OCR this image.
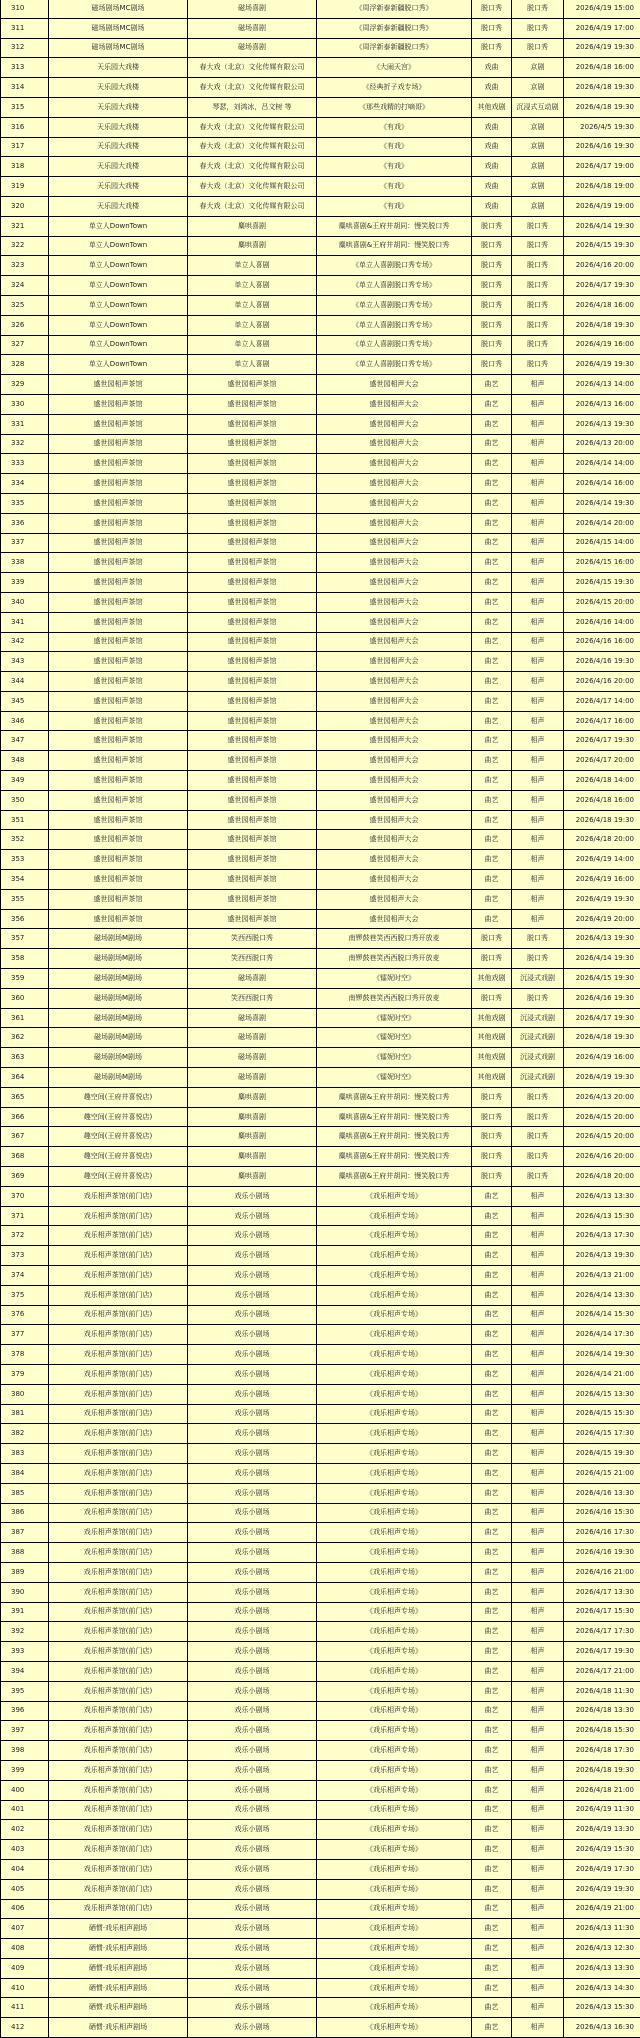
310	磁场剧场MC剧场	磁场喜剧	《周浮新泰新疆脱口秀》	脱口秀	脱口秀	2026/4/19 15:00
311	磁场剧场MC剧场	磁场喜剧	《周浮新泰新疆脱口秀》	脱口秀	脱口秀	2026/4/19 17:00
312	磁场剧场MC剧场	磁场喜剧	《周浮新泰新疆脱口秀》	脱口秀	脱口秀	2026/4/19 19:30
313	天乐园大戏楼	春大戏（北京）文化传媒有限公司	《大闹天宫》	戏曲	京剧	2026/4/18 16:00
314	天乐园大戏楼	春大戏（北京）文化传媒有限公司	《经典折子戏专场》	戏曲	京剧	2026/4/18 19:30
315	天乐园大戏楼	琴瑟，刘鸿冰，吕文树 等	《那些戏精的打嘀哥》	其他戏剧	沉浸式互动剧	2026/4/18 19:30
316	天乐园大戏楼	春大戏（北京）文化传媒有限公司	《有戏》	戏曲	京剧	2026/4/5 19:30
317	天乐园大戏楼	春大戏（北京）文化传媒有限公司	《有戏》	戏曲	京剧	2026/4/16 19:30
318	天乐园大戏楼	春大戏（北京）文化传媒有限公司	《有戏》	戏曲	京剧	2026/4/17 19:00
319	天乐园大戏楼	春大戏（北京）文化传媒有限公司	《有戏》	戏曲	京剧	2026/4/18 19:00
320	天乐园大戏楼	春大戏（北京）文化传媒有限公司	《有戏》	戏曲	京剧	2026/4/19 19:00
321	单立人DownTown	麋哄喜剧	麋哄喜剧&王府井胡同：慢笑脱口秀	脱口秀	脱口秀	2026/4/14 19:30
322	单立人DownTown	麋哄喜剧	麋哄喜剧&王府井胡同：慢笑脱口秀	脱口秀	脱口秀	2026/4/15 19:30
323	单立人DownTown	单立人喜剧	《单立人喜剧脱口秀专场》	脱口秀	脱口秀	2026/4/16 20:00
324	单立人DownTown	单立人喜剧	《单立人喜剧脱口秀专场》	脱口秀	脱口秀	2026/4/17 19:30
325	单立人DownTown	单立人喜剧	《单立人喜剧脱口秀专场》	脱口秀	脱口秀	2026/4/18 16:00
326	单立人DownTown	单立人喜剧	《单立人喜剧脱口秀专场》	脱口秀	脱口秀	2026/4/18 19:30
327	单立人DownTown	单立人喜剧	《单立人喜剧脱口秀专场》	脱口秀	脱口秀	2026/4/19 16:00
328	单立人DownTown	单立人喜剧	《单立人喜剧脱口秀专场》	脱口秀	脱口秀	2026/4/19 19:30
329	盛世园相声茶馆	盛世园相声茶馆	盛世园相声大会	曲艺	相声	2026/4/13 14:00
330	盛世园相声茶馆	盛世园相声茶馆	盛世园相声大会	曲艺	相声	2026/4/13 16:00
331	盛世园相声茶馆	盛世园相声茶馆	盛世园相声大会	曲艺	相声	2026/4/13 19:30
332	盛世园相声茶馆	盛世园相声茶馆	盛世园相声大会	曲艺	相声	2026/4/13 20:00
333	盛世园相声茶馆	盛世园相声茶馆	盛世园相声大会	曲艺	相声	2026/4/14 14:00
334	盛世园相声茶馆	盛世园相声茶馆	盛世园相声大会	曲艺	相声	2026/4/14 16:00
335	盛世园相声茶馆	盛世园相声茶馆	盛世园相声大会	曲艺	相声	2026/4/14 19:30
336	盛世园相声茶馆	盛世园相声茶馆	盛世园相声大会	曲艺	相声	2026/4/14 20:00
337	盛世园相声茶馆	盛世园相声茶馆	盛世园相声大会	曲艺	相声	2026/4/15 14:00
338	盛世园相声茶馆	盛世园相声茶馆	盛世园相声大会	曲艺	相声	2026/4/15 16:00
339	盛世园相声茶馆	盛世园相声茶馆	盛世园相声大会	曲艺	相声	2026/4/15 19:30
340	盛世园相声茶馆	盛世园相声茶馆	盛世园相声大会	曲艺	相声	2026/4/15 20:00
341	盛世园相声茶馆	盛世园相声茶馆	盛世园相声大会	曲艺	相声	2026/4/16 14:00
342	盛世园相声茶馆	盛世园相声茶馆	盛世园相声大会	曲艺	相声	2026/4/16 16:00
343	盛世园相声茶馆	盛世园相声茶馆	盛世园相声大会	曲艺	相声	2026/4/16 19:30
344	盛世园相声茶馆	盛世园相声茶馆	盛世园相声大会	曲艺	相声	2026/4/16 20:00
345	盛世园相声茶馆	盛世园相声茶馆	盛世园相声大会	曲艺	相声	2026/4/17 14:00
346	盛世园相声茶馆	盛世园相声茶馆	盛世园相声大会	曲艺	相声	2026/4/17 16:00
347	盛世园相声茶馆	盛世园相声茶馆	盛世园相声大会	曲艺	相声	2026/4/17 19:30
348	盛世园相声茶馆	盛世园相声茶馆	盛世园相声大会	曲艺	相声	2026/4/17 20:00
349	盛世园相声茶馆	盛世园相声茶馆	盛世园相声大会	曲艺	相声	2026/4/18 14:00
350	盛世园相声茶馆	盛世园相声茶馆	盛世园相声大会	曲艺	相声	2026/4/18 16:00
351	盛世园相声茶馆	盛世园相声茶馆	盛世园相声大会	曲艺	相声	2026/4/18 19:30
352	盛世园相声茶馆	盛世园相声茶馆	盛世园相声大会	曲艺	相声	2026/4/18 20:00
353	盛世园相声茶馆	盛世园相声茶馆	盛世园相声大会	曲艺	相声	2026/4/19 14:00
354	盛世园相声茶馆	盛世园相声茶馆	盛世园相声大会	曲艺	相声	2026/4/19 16:00
355	盛世园相声茶馆	盛世园相声茶馆	盛世园相声大会	曲艺	相声	2026/4/19 19:30
356	盛世园相声茶馆	盛世园相声茶馆	盛世园相声大会	曲艺	相声	2026/4/19 20:00
357	磁场剧场M剧场	笑西西脱口秀	南锣鼓巷笑西西脱口秀开放麦	脱口秀	脱口秀	2026/4/13 19:30
358	磁场剧场M剧场	笑西西脱口秀	南锣鼓巷笑西西脱口秀开放麦	脱口秀	脱口秀	2026/4/14 19:30
359	磁场剧场M剧场	磁场喜剧	《镭妮时空》	其他戏剧	沉浸式戏剧	2026/4/15 19:30
360	磁场剧场M剧场	笑西西脱口秀	南锣鼓巷笑西西脱口秀开放麦	脱口秀	脱口秀	2026/4/16 19:30
361	磁场剧场M剧场	磁场喜剧	《镭妮时空》	其他戏剧	沉浸式戏剧	2026/4/17 19:30
362	磁场剧场M剧场	磁场喜剧	《镭妮时空》	其他戏剧	沉浸式戏剧	2026/4/18 19:30
363	磁场剧场M剧场	磁场喜剧	《镭妮时空》	其他戏剧	沉浸式戏剧	2026/4/19 16:00
364	磁场剧场M剧场	磁场喜剧	《镭妮时空》	其他戏剧	沉浸式戏剧	2026/4/19 19:30
365	趣空间(王府井喜悦店)	麋哄喜剧	麋哄喜剧&王府井胡同：慢笑脱口秀	脱口秀	脱口秀	2026/4/13 20:00
366	趣空间(王府井喜悦店)	麋哄喜剧	麋哄喜剧&王府井胡同：慢笑脱口秀	脱口秀	脱口秀	2026/4/15 20:00
367	趣空间(王府井喜悦店)	麋哄喜剧	麋哄喜剧&王府井胡同：慢笑脱口秀	脱口秀	脱口秀	2026/4/15 20:00
368	趣空间(王府井喜悦店)	麋哄喜剧	麋哄喜剧&王府井胡同：慢笑脱口秀	脱口秀	脱口秀	2026/4/16 20:00
369	趣空间(王府井喜悦店)	麋哄喜剧	麋哄喜剧&王府井胡同：慢笑脱口秀	脱口秀	脱口秀	2026/4/18 20:00
370	戏乐相声茶馆(前门店)	戏乐小剧场	《戏乐相声专场》	曲艺	相声	2026/4/13 13:30
371	戏乐相声茶馆(前门店)	戏乐小剧场	《戏乐相声专场》	曲艺	相声	2026/4/13 15:30
372	戏乐相声茶馆(前门店)	戏乐小剧场	《戏乐相声专场》	曲艺	相声	2026/4/13 17:30
373	戏乐相声茶馆(前门店)	戏乐小剧场	《戏乐相声专场》	曲艺	相声	2026/4/13 19:30
374	戏乐相声茶馆(前门店)	戏乐小剧场	《戏乐相声专场》	曲艺	相声	2026/4/13 21:00
375	戏乐相声茶馆(前门店)	戏乐小剧场	《戏乐相声专场》	曲艺	相声	2026/4/14 13:30
376	戏乐相声茶馆(前门店)	戏乐小剧场	《戏乐相声专场》	曲艺	相声	2026/4/14 15:30
377	戏乐相声茶馆(前门店)	戏乐小剧场	《戏乐相声专场》	曲艺	相声	2026/4/14 17:30
378	戏乐相声茶馆(前门店)	戏乐小剧场	《戏乐相声专场》	曲艺	相声	2026/4/14 19:30
379	戏乐相声茶馆(前门店)	戏乐小剧场	《戏乐相声专场》	曲艺	相声	2026/4/14 21:00
380	戏乐相声茶馆(前门店)	戏乐小剧场	《戏乐相声专场》	曲艺	相声	2026/4/15 13:30
381	戏乐相声茶馆(前门店)	戏乐小剧场	《戏乐相声专场》	曲艺	相声	2026/4/15 15:30
382	戏乐相声茶馆(前门店)	戏乐小剧场	《戏乐相声专场》	曲艺	相声	2026/4/15 17:30
383	戏乐相声茶馆(前门店)	戏乐小剧场	《戏乐相声专场》	曲艺	相声	2026/4/15 19:30
384	戏乐相声茶馆(前门店)	戏乐小剧场	《戏乐相声专场》	曲艺	相声	2026/4/15 21:00
385	戏乐相声茶馆(前门店)	戏乐小剧场	《戏乐相声专场》	曲艺	相声	2026/4/16 13:30
386	戏乐相声茶馆(前门店)	戏乐小剧场	《戏乐相声专场》	曲艺	相声	2026/4/16 15:30
387	戏乐相声茶馆(前门店)	戏乐小剧场	《戏乐相声专场》	曲艺	相声	2026/4/16 17:30
388	戏乐相声茶馆(前门店)	戏乐小剧场	《戏乐相声专场》	曲艺	相声	2026/4/16 19:30
389	戏乐相声茶馆(前门店)	戏乐小剧场	《戏乐相声专场》	曲艺	相声	2026/4/16 21:00
390	戏乐相声茶馆(前门店)	戏乐小剧场	《戏乐相声专场》	曲艺	相声	2026/4/17 13:30
391	戏乐相声茶馆(前门店)	戏乐小剧场	《戏乐相声专场》	曲艺	相声	2026/4/17 15:30
392	戏乐相声茶馆(前门店)	戏乐小剧场	《戏乐相声专场》	曲艺	相声	2026/4/17 17:30
393	戏乐相声茶馆(前门店)	戏乐小剧场	《戏乐相声专场》	曲艺	相声	2026/4/17 19:30
394	戏乐相声茶馆(前门店)	戏乐小剧场	《戏乐相声专场》	曲艺	相声	2026/4/17 21:00
395	戏乐相声茶馆(前门店)	戏乐小剧场	《戏乐相声专场》	曲艺	相声	2026/4/18 11:30
396	戏乐相声茶馆(前门店)	戏乐小剧场	《戏乐相声专场》	曲艺	相声	2026/4/18 13:30
397	戏乐相声茶馆(前门店)	戏乐小剧场	《戏乐相声专场》	曲艺	相声	2026/4/18 15:30
398	戏乐相声茶馆(前门店)	戏乐小剧场	《戏乐相声专场》	曲艺	相声	2026/4/18 17:30
399	戏乐相声茶馆(前门店)	戏乐小剧场	《戏乐相声专场》	曲艺	相声	2026/4/18 19:30
400	戏乐相声茶馆(前门店)	戏乐小剧场	《戏乐相声专场》	曲艺	相声	2026/4/18 21:00
401	戏乐相声茶馆(前门店)	戏乐小剧场	《戏乐相声专场》	曲艺	相声	2026/4/19 11:30
402	戏乐相声茶馆(前门店)	戏乐小剧场	《戏乐相声专场》	曲艺	相声	2026/4/19 13:30
403	戏乐相声茶馆(前门店)	戏乐小剧场	《戏乐相声专场》	曲艺	相声	2026/4/19 15:30
404	戏乐相声茶馆(前门店)	戏乐小剧场	《戏乐相声专场》	曲艺	相声	2026/4/19 17:30
405	戏乐相声茶馆(前门店)	戏乐小剧场	《戏乐相声专场》	曲艺	相声	2026/4/19 19:30
406	戏乐相声茶馆(前门店)	戏乐小剧场	《戏乐相声专场》	曲艺	相声	2026/4/19 21:00
407	硒惯·戏乐相声剧场	戏乐小剧场	《戏乐相声专场》	曲艺	相声	2026/4/13 11:30
408	硒惯·戏乐相声剧场	戏乐小剧场	《戏乐相声专场》	曲艺	相声	2026/4/13 12:30
409	硒惯·戏乐相声剧场	戏乐小剧场	《戏乐相声专场》	曲艺	相声	2026/4/13 13:30
410	硒惯·戏乐相声剧场	戏乐小剧场	《戏乐相声专场》	曲艺	相声	2026/4/13 14:30
411	硒惯·戏乐相声剧场	戏乐小剧场	《戏乐相声专场》	曲艺	相声	2026/4/13 15:30
412	硒惯·戏乐相声剧场	戏乐小剧场	《戏乐相声专场》	曲艺	相声	2026/4/13 16:30
